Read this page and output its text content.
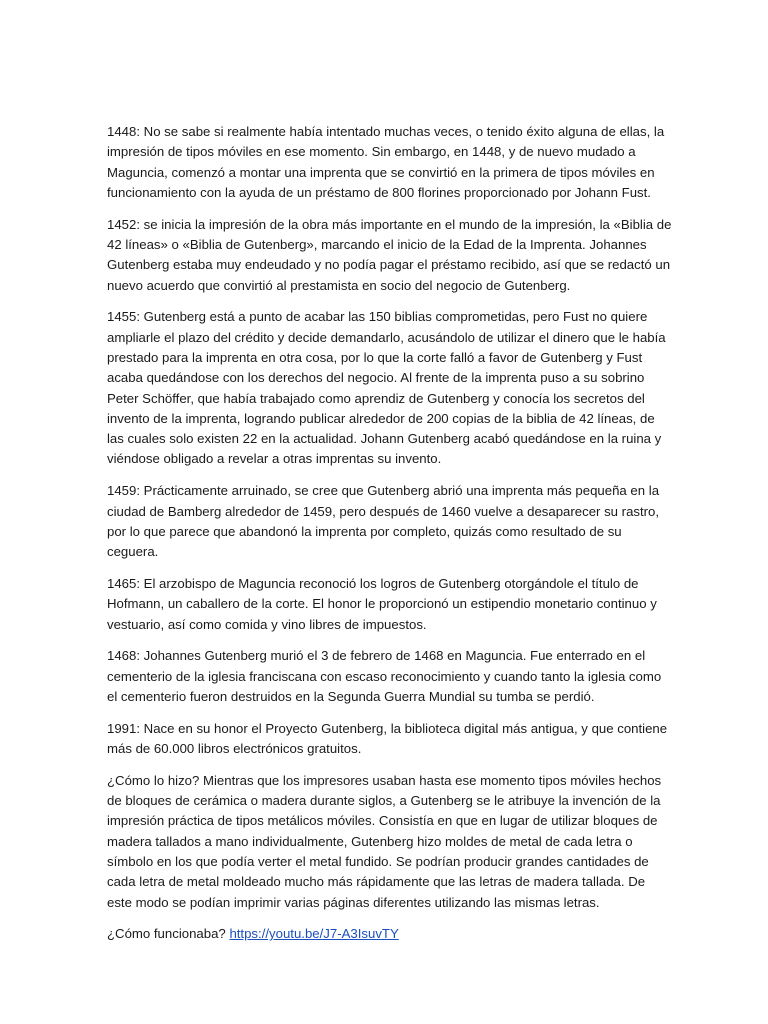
1448: No se sabe si realmente había intentado muchas veces, o tenido éxito alguna de ellas, la impresión de tipos móviles en ese momento. Sin embargo, en 1448, y de nuevo mudado a Maguncia, comenzó a montar una imprenta que se convirtió en la primera de tipos móviles en funcionamiento con la ayuda de un préstamo de 800 florines proporcionado por Johann Fust.

1452: se inicia la impresión de la obra más importante en el mundo de la impresión, la «Biblia de 42 líneas» o «Biblia de Gutenberg», marcando el inicio de la Edad de la Imprenta. Johannes Gutenberg estaba muy endeudado y no podía pagar el préstamo recibido, así que se redactó un nuevo acuerdo que convirtió al prestamista en socio del negocio de Gutenberg.

1455: Gutenberg está a punto de acabar las 150 biblias comprometidas, pero Fust no quiere ampliarle el plazo del crédito y decide demandarlo, acusándolo de utilizar el dinero que le había prestado para la imprenta en otra cosa, por lo que la corte falló a favor de Gutenberg y Fust acaba quedándose con los derechos del negocio. Al frente de la imprenta puso a su sobrino Peter Schöffer, que había trabajado como aprendiz de Gutenberg y conocía los secretos del invento de la imprenta, logrando publicar alrededor de 200 copias de la biblia de 42 líneas, de las cuales solo existen 22 en la actualidad. Johann Gutenberg acabó quedándose en la ruina y viéndose obligado a revelar a otras imprentas su invento.

1459: Prácticamente arruinado, se cree que Gutenberg abrió una imprenta más pequeña en la ciudad de Bamberg alrededor de 1459, pero después de 1460 vuelve a desaparecer su rastro, por lo que parece que abandonó la imprenta por completo, quizás como resultado de su ceguera.

1465: El arzobispo de Maguncia reconoció los logros de Gutenberg otorgándole el título de Hofmann, un caballero de la corte. El honor le proporcionó un estipendio monetario continuo y vestuario, así como comida y vino libres de impuestos.

1468: Johannes Gutenberg murió el 3 de febrero de 1468 en Maguncia. Fue enterrado en el cementerio de la iglesia franciscana con escaso reconocimiento y cuando tanto la iglesia como el cementerio fueron destruidos en la Segunda Guerra Mundial su tumba se perdió.

1991: Nace en su honor el Proyecto Gutenberg, la biblioteca digital más antigua, y que contiene más de 60.000 libros electrónicos gratuitos.

¿Cómo lo hizo? Mientras que los impresores usaban hasta ese momento tipos móviles hechos de bloques de cerámica o madera durante siglos, a Gutenberg se le atribuye la invención de la impresión práctica de tipos metálicos móviles. Consistía en que en lugar de utilizar bloques de madera tallados a mano individualmente, Gutenberg hizo moldes de metal de cada letra o símbolo en los que podía verter el metal fundido. Se podrían producir grandes cantidades de cada letra de metal moldeado mucho más rápidamente que las letras de madera tallada. De este modo se podían imprimir varias páginas diferentes utilizando las mismas letras.

¿Cómo funcionaba? https://youtu.be/J7-A3IsuvTY
